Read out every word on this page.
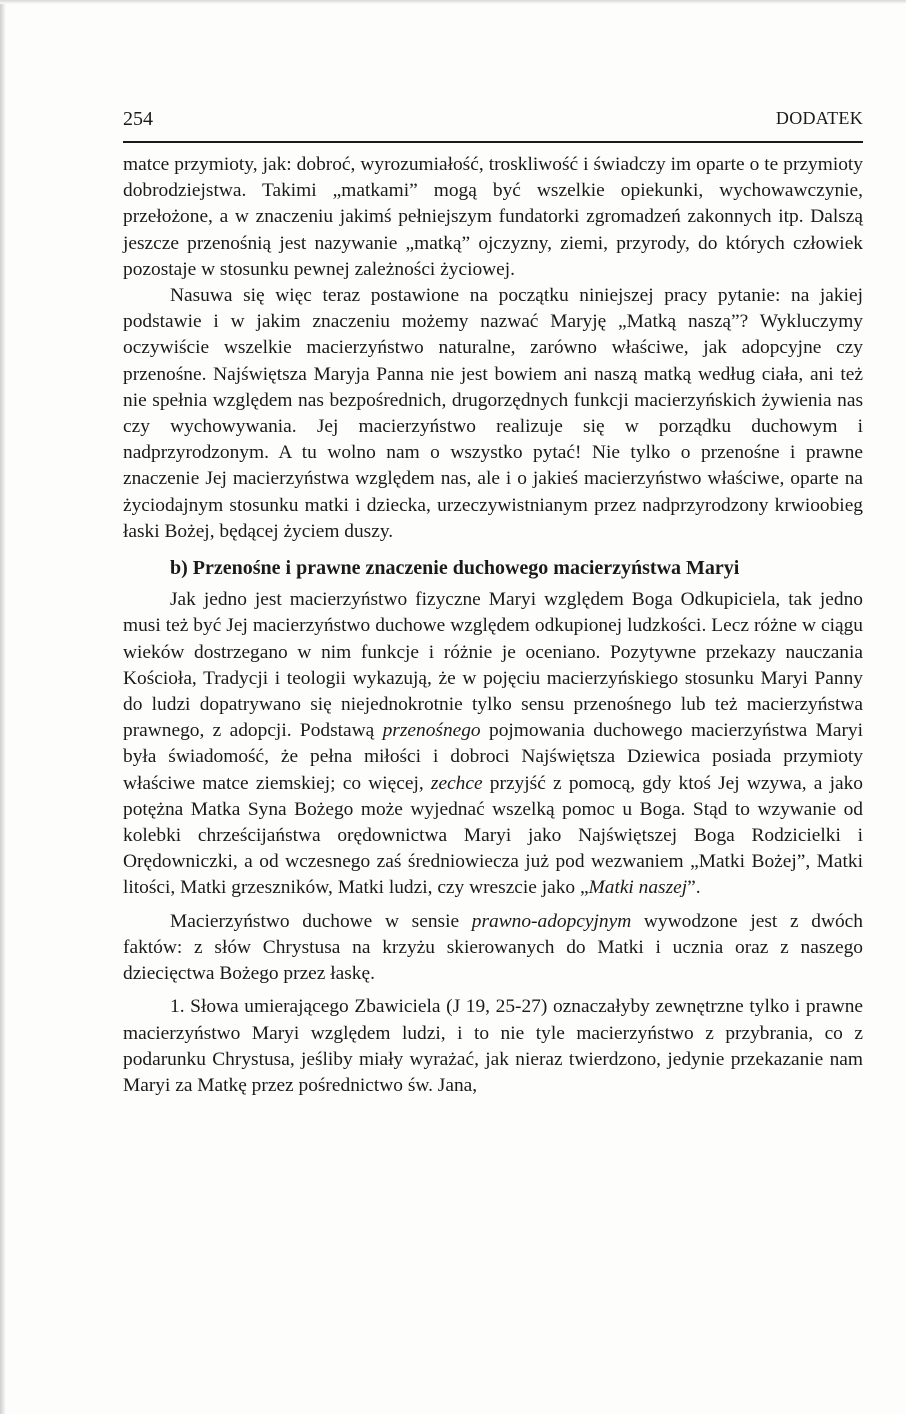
254	DODATEK

matce przymioty, jak: dobroć, wyrozumiałość, troskliwość i świadczy im oparte o te przymioty dobrodziejstwa. Takimi „matkami” mogą być wszelkie opiekunki, wychowawczynie, przełożone, a w znaczeniu jakimś pełniejszym fundatorki zgromadzeń zakonnych itp. Dalszą jeszcze przenośnią jest nazywanie „matką” ojczyzny, ziemi, przyrody, do których człowiek pozostaje w stosunku pewnej zależności życiowej.

Nasuwa się więc teraz postawione na początku niniejszej pracy pytanie: na jakiej podstawie i w jakim znaczeniu możemy nazwać Maryję „Matką naszą”? Wykluczymy oczywiście wszelkie macierzyństwo naturalne, zarówno właściwe, jak adopcyjne czy przenośne. Najświętsza Maryja Panna nie jest bowiem ani naszą matką według ciała, ani też nie spełnia względem nas bezpośrednich, drugorzędnych funkcji macierzyńskich żywienia nas czy wychowywania. Jej macierzyństwo realizuje się w porządku duchowym i nadprzyrodzonym. A tu wolno nam o wszystko pytać! Nie tylko o przenośne i prawne znaczenie Jej macierzyństwa względem nas, ale i o jakieś macierzyństwo właściwe, oparte na życiodajnym stosunku matki i dziecka, urzeczywistnianym przez nadprzyrodzony krwioobieg łaski Bożej, będącej życiem duszy.

b) Przenośne i prawne znaczenie duchowego macierzyństwa Maryi

Jak jedno jest macierzyństwo fizyczne Maryi względem Boga Odkupiciela, tak jedno musi też być Jej macierzyństwo duchowe względem odkupionej ludzkości. Lecz różne w ciągu wieków dostrzegano w nim funkcje i różnie je oceniano. Pozytywne przekazy nauczania Kościoła, Tradycji i teologii wykazują, że w pojęciu macierzyńskiego stosunku Maryi Panny do ludzi dopatrywano się niejednokrotnie tylko sensu przenośnego lub też macierzyństwa prawnego, z adopcji. Podstawą przenośnego pojmowania duchowego macierzyństwa Maryi była świadomość, że pełna miłości i dobroci Najświętsza Dziewica posiada przymioty właściwe matce ziemskiej; co więcej, zechce przyjść z pomocą, gdy ktoś Jej wzywa, a jako potężna Matka Syna Bożego może wyjednać wszelką pomoc u Boga. Stąd to wzywanie od kolebki chrześcijaństwa orędownictwa Maryi jako Najświętszej Boga Rodzicielki i Orędowniczki, a od wczesnego zaś średniowiecza już pod wezwaniem „Matki Bożej”, Matki litości, Matki grzeszników, Matki ludzi, czy wreszcie jako „Matki naszej”.

Macierzyństwo duchowe w sensie prawno-adopcyjnym wywodzone jest z dwóch faktów: z słów Chrystusa na krzyżu skierowanych do Matki i ucznia oraz z naszego dziecięctwa Bożego przez łaskę.

1. Słowa umierającego Zbawiciela (J 19, 25-27) oznaczałyby zewnętrzne tylko i prawne macierzyństwo Maryi względem ludzi, i to nie tyle macierzyństwo z przybrania, co z podarunku Chrystusa, jeśliby miały wyrażać, jak nieraz twierdzono, jedynie przekazanie nam Maryi za Matkę przez pośrednictwo św. Jana,
